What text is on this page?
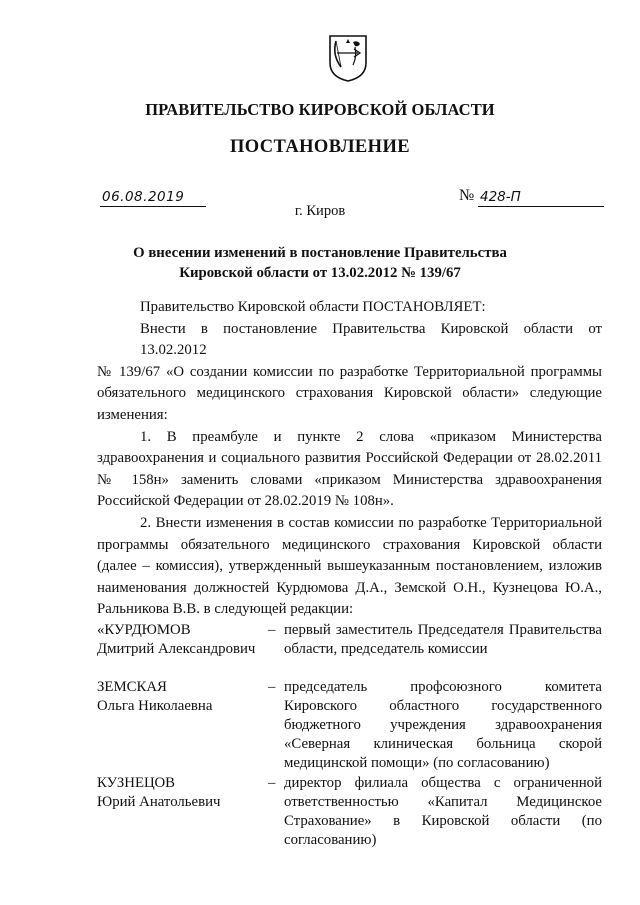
ПРАВИТЕЛЬСТВО КИРОВСКОЙ ОБЛАСТИ
ПОСТАНОВЛЕНИЕ
06.08.2019	№ 428-П
г. Киров
О внесении изменений в постановление Правительства
Кировской области от 13.02.2012 № 139/67
Правительство Кировской области ПОСТАНОВЛЯЕТ:
Внести в постановление Правительства Кировской области от 13.02.2012
№ 139/67 «О создании комиссии по разработке Территориальной программы
обязательного медицинского страхования Кировской области» следующие
изменения:
1. В преамбуле и пункте 2 слова «приказом Министерства
здравоохранения и социального развития Российской Федерации от 28.02.2011
№ 158н» заменить словами «приказом Министерства здравоохранения
Российской Федерации от 28.02.2019 № 108н».
2. Внести изменения в состав комиссии по разработке Территориальной
программы обязательного медицинского страхования Кировской области
(далее – комиссия), утвержденный вышеуказанным постановлением, изложив
наименования должностей Курдюмова Д.А., Земской О.Н., Кузнецова Ю.А.,
Ральникова В.В. в следующей редакции:
«КУРДЮМОВ
Дмитрий Александрович
– первый заместитель Председателя Правительства
области, председатель комиссии
ЗЕМСКАЯ
Ольга Николаевна
– председатель профсоюзного комитета
Кировского областного государственного
бюджетного учреждения здравоохранения
«Северная клиническая больница скорой
медицинской помощи» (по согласованию)
КУЗНЕЦОВ
Юрий Анатольевич
– директор филиала общества с ограниченной
ответственностью «Капитал Медицинское
Страхование» в Кировской области (по
согласованию)
